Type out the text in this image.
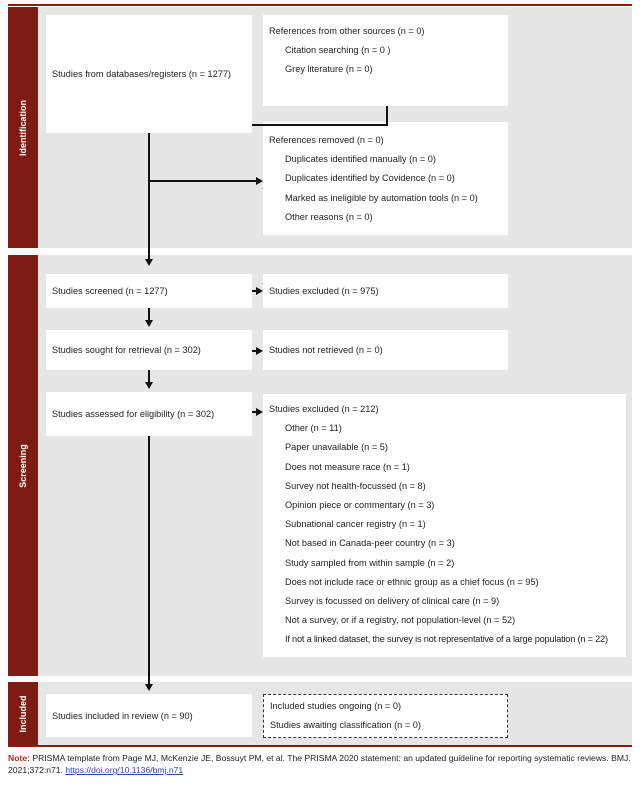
Identification
Screening
Included
Studies from databases/registers (n = 1277)
References from other sources (n = 0)
Citation searching (n = 0 )
Grey literature (n = 0)
References removed (n = 0)
Duplicates identified manually (n = 0)
Duplicates identified by Covidence (n = 0)
Marked as ineligible by automation tools (n = 0)
Other reasons (n = 0)
Studies screened (n = 1277)	Studies excluded (n = 975)
Studies sought for retrieval (n = 302)	Studies not retrieved (n = 0)
Studies assessed for eligibility (n = 302)	Studies excluded (n = 212)
Other (n = 11)
Paper unavailable (n = 5)
Does not measure race (n = 1)
Survey not health-focussed (n = 8)
Opinion piece or commentary (n = 3)
Subnational cancer registry (n = 1)
Not based in Canada-peer country (n = 3)
Study sampled from within sample (n = 2)
Does not include race or ethnic group as a chief focus (n = 95)
Survey is focussed on delivery of clinical care (n = 9)
Not a survey, or if a registry, not population-level (n = 52)
If not a linked dataset, the survey is not representative of a large population (n = 22)
Studies included in review (n = 90)
Included studies ongoing (n = 0)
Studies awaiting classification (n = 0)
Note: PRISMA template from Page MJ, McKenzie JE, Bossuyt PM, et al. The PRISMA 2020 statement: an updated guideline for reporting systematic reviews. BMJ. 2021;372:n71. https://doi.org/10.1136/bmj.n71
